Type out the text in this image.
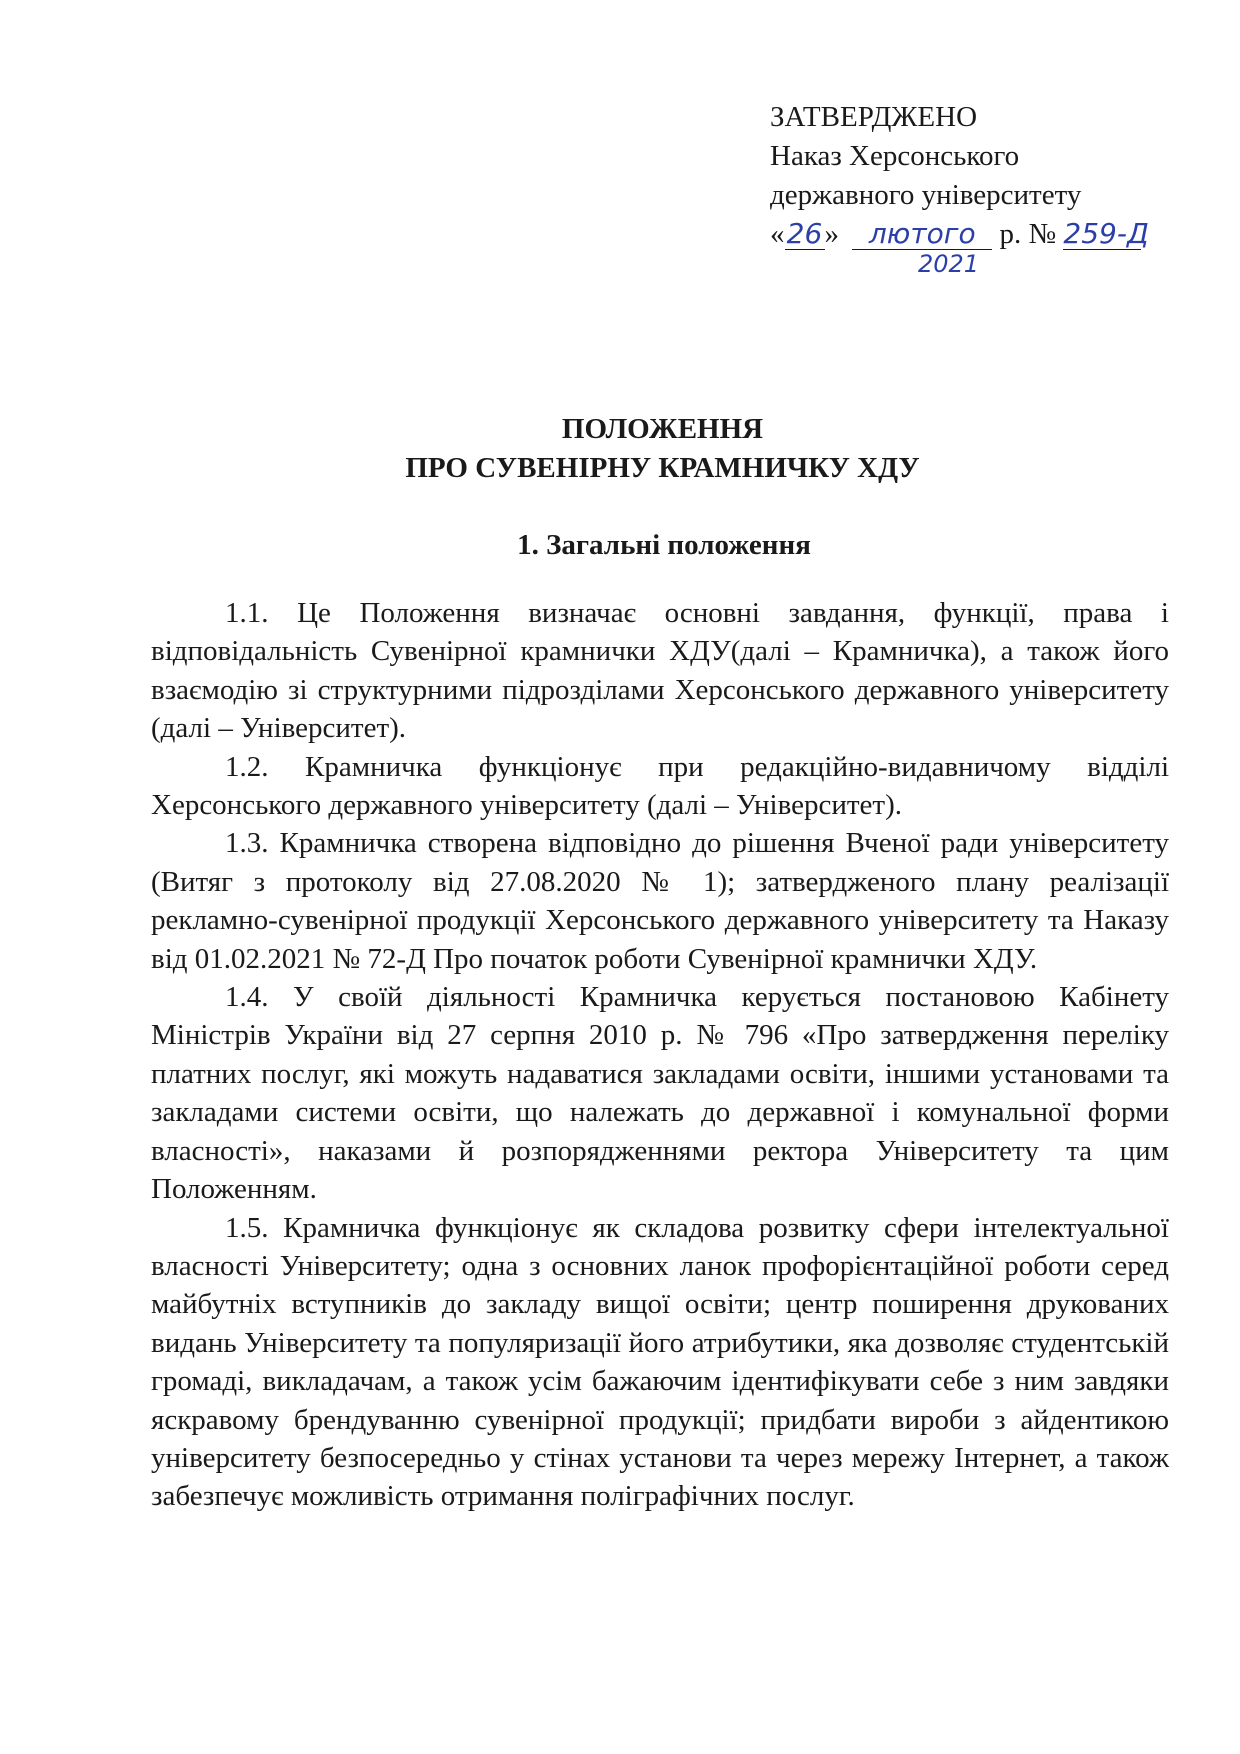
ЗАТВЕРДЖЕНО
Наказ Херсонського
державного університету
«26» лютого р. № 259-Д
2021
ПОЛОЖЕННЯ
ПРО СУВЕНІРНУ КРАМНИЧКУ ХДУ
1. Загальні положення

1.1. Це Положення визначає основні завдання, функції, права і відповідальність Сувенірної крамнички ХДУ(далі – Крамничка), а також його взаємодію зі структурними підрозділами Херсонського державного університету (далі – Університет).

1.2. Крамничка функціонує при редакційно-видавничому відділі Херсонського державного університету (далі – Університет).

1.3. Крамничка створена відповідно до рішення Вченої ради університету (Витяг з протоколу від 27.08.2020 № 1); затвердженого плану реалізації рекламно-сувенірної продукції Херсонського державного університету та Наказу від 01.02.2021 № 72-Д Про початок роботи Сувенірної крамнички ХДУ.

1.4. У своїй діяльності Крамничка керується постановою Кабінету Міністрів України від 27 серпня 2010 р. № 796 «Про затвердження переліку платних послуг, які можуть надаватися закладами освіти, іншими установами та закладами системи освіти, що належать до державної і комунальної форми власності», наказами й розпорядженнями ректора Університету та цим Положенням.

1.5. Крамничка функціонує як складова розвитку сфери інтелектуальної власності Університету; одна з основних ланок профорієнтаційної роботи серед майбутніх вступників до закладу вищої освіти; центр поширення друкованих видань Університету та популяризації його атрибутики, яка дозволяє студентській громаді, викладачам, а також усім бажаючим ідентифікувати себе з ним завдяки яскравому брендуванню сувенірної продукції; придбати вироби з айдентикою університету безпосередньо у стінах установи та через мережу Інтернет, а також забезпечує можливість отримання поліграфічних послуг.
